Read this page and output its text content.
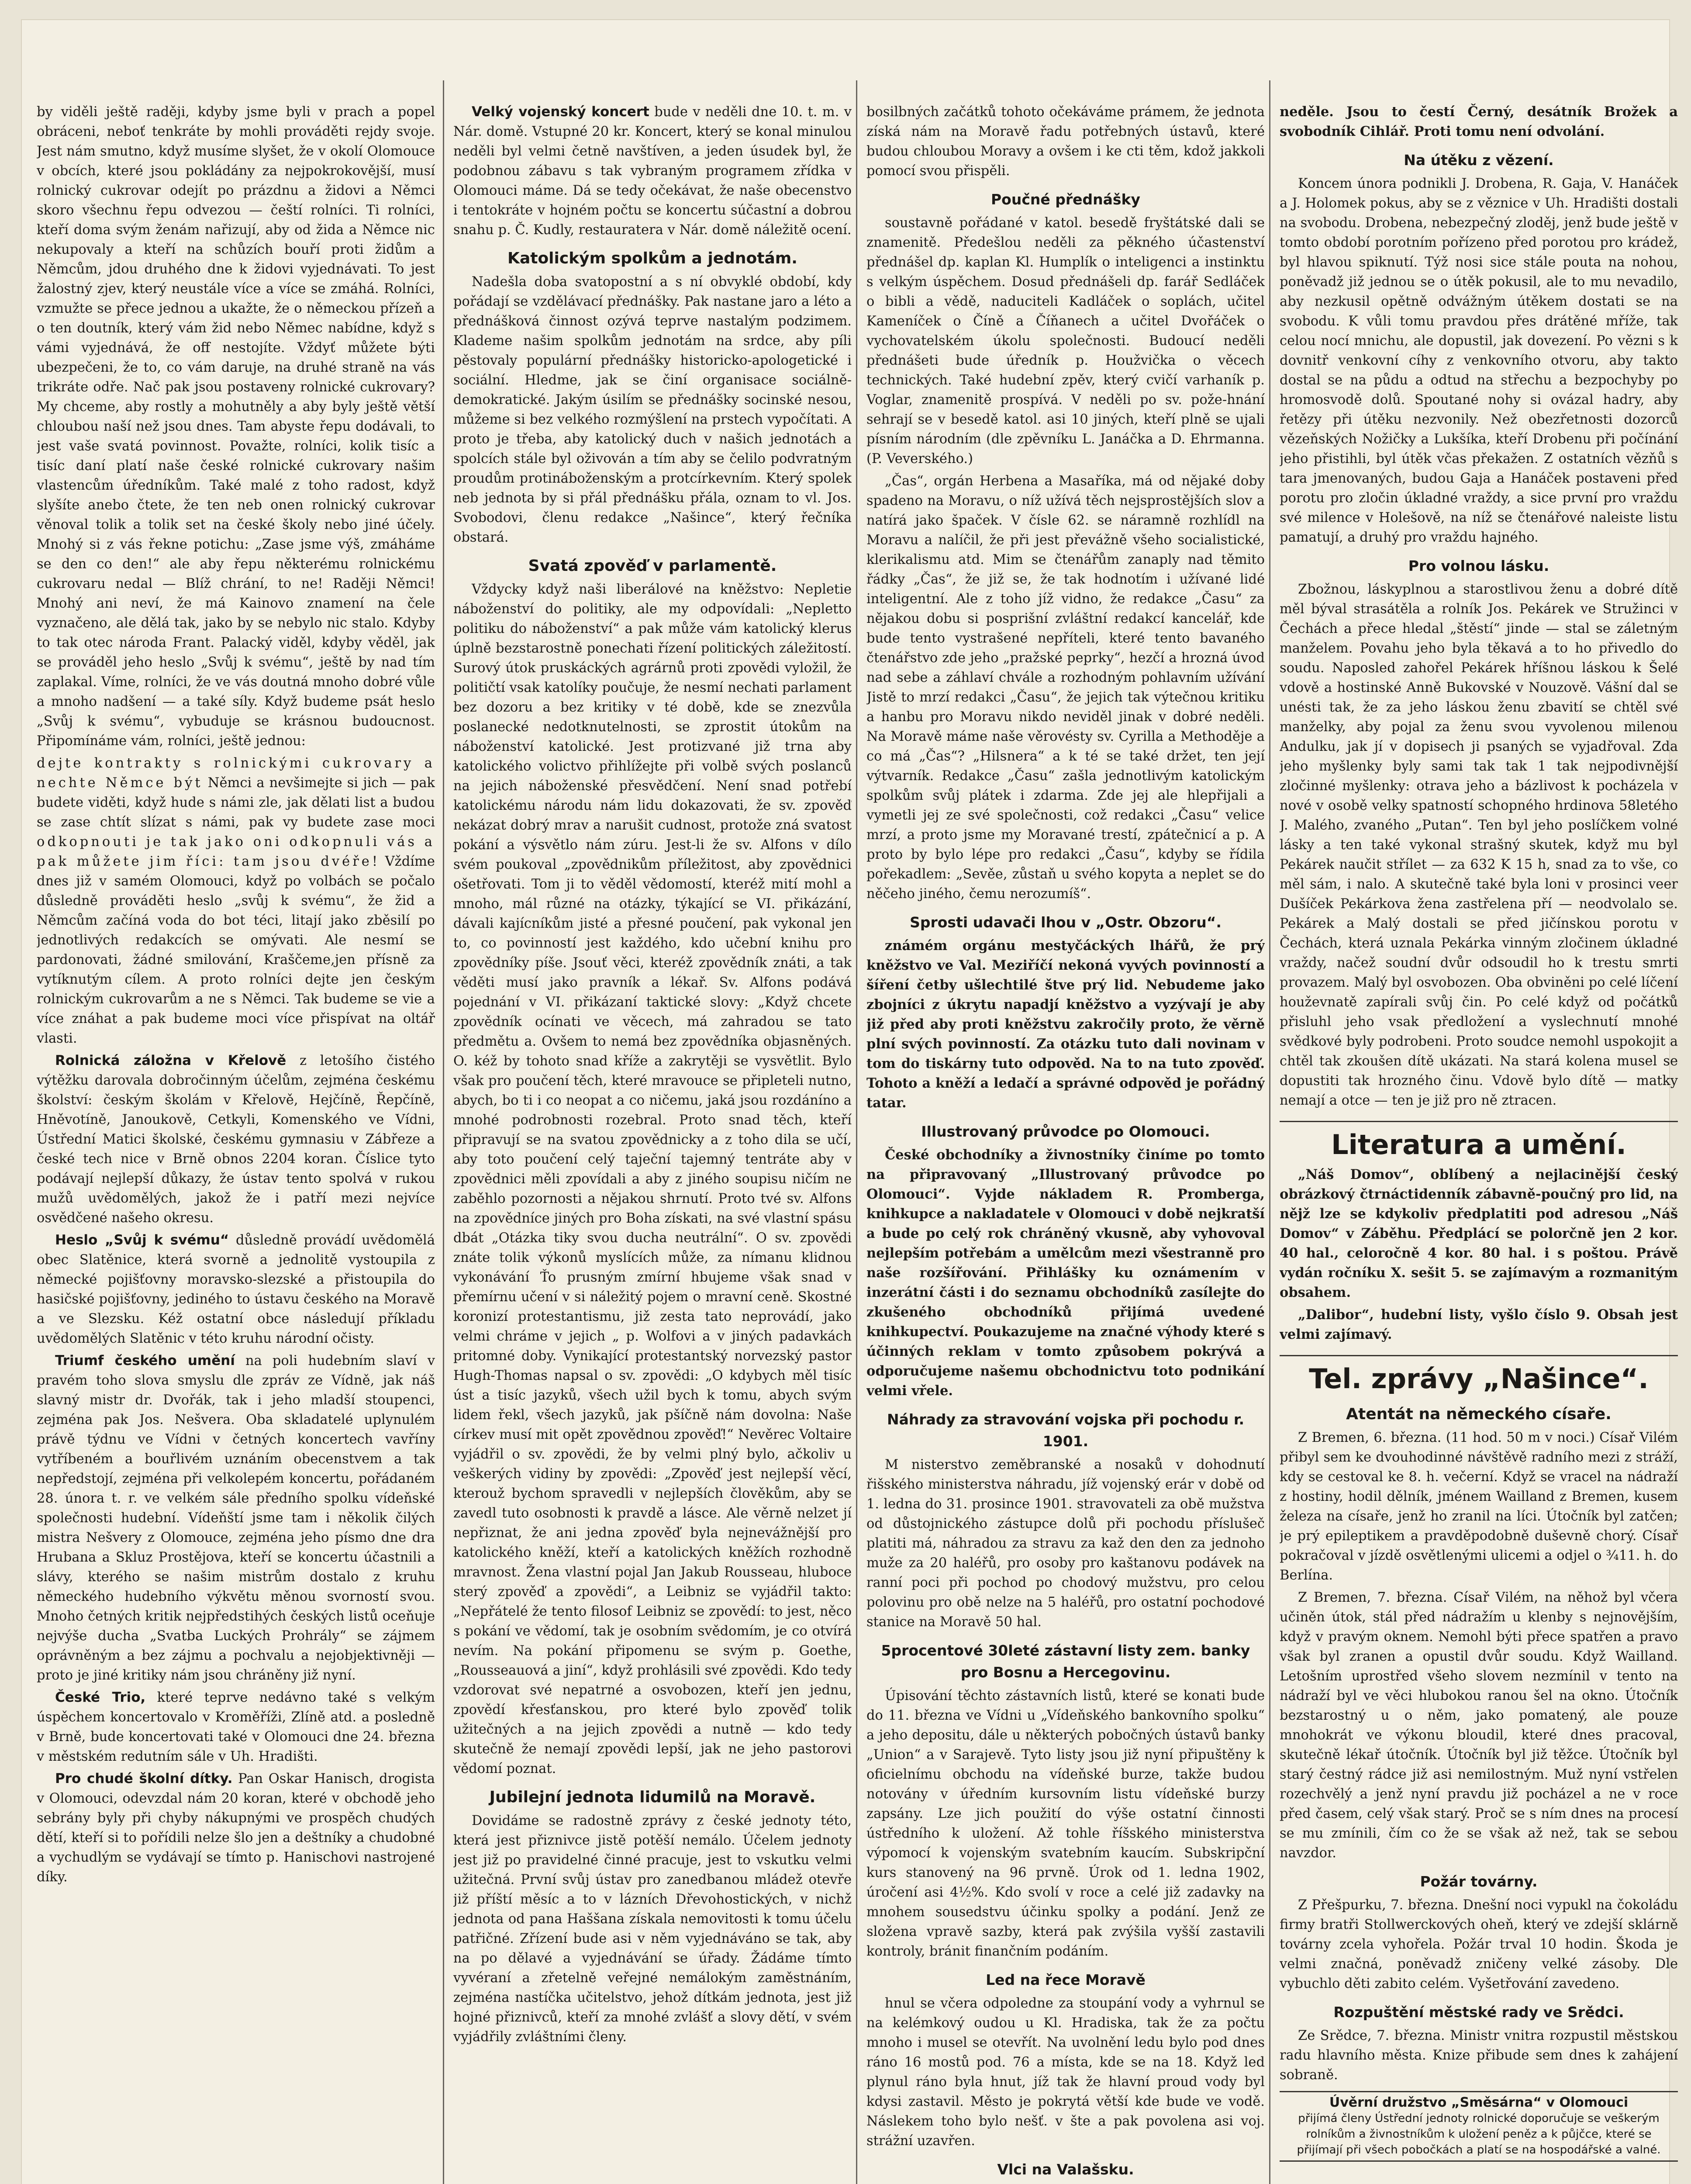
by viděli ještě raději, kdyby jsme byli v prach a popel obráceni, neboť tenkráte by mohli prováděti rejdy svoje. Jest nám smutno, když musíme slyšet, že v okolí Olomouce v obcích, které jsou pokládány za nejpokrokovější, musí rolnický cukrovar odejít po prázdnu a židovi a Němci skoro všechnu řepu odvezou — čeští rolníci. Ti rolníci, kteří doma svým ženám nařizují, aby od žida a Němce nic nekupovaly a kteří na schůzích bouří proti židům a Němcům, jdou druhého dne k židovi vyjednávati. To jest žalostný zjev, který neustále více a více se zmáhá. Rolníci, vzmužte se přece jednou a ukažte, že o německou přízeň a o ten doutník, který vám žid nebo Němec nabídne, když s vámi vyjednává, že off nestojíte. Vždyť můžete býti ubezpečeni, že to, co vám daruje, na druhé straně na vás trikráte odře. Nač pak jsou postaveny rolnické cukrovary? My chceme, aby rostly a mohutněly a aby byly ještě větší chloubou naší než jsou dnes. Tam abyste řepu dodávali, to jest vaše svatá povinnost. Považte, rolníci, kolik tisíc a tisíc daní platí naše české rolnické cukrovary našim vlastencům úředníkům. Také malé z toho radost, když slyšíte anebo čtete, že ten neb onen rolnický cukrovar věnoval tolik a tolik set na české školy nebo jiné účely. Mnohý si z vás řekne potichu: „Zase jsme výš, zmáháme se den co den!“ ale aby řepu některému rolnickému cukrovaru nedal — Blíž chrání, to ne! Raději Němci! Mnohý ani neví, že má Kainovo znamení na čele vyznačeno, ale dělá tak, jako by se nebylo nic stalo. Kdyby to tak otec národa Frant. Palacký viděl, kdyby věděl, jak se prováděl jeho heslo „Svůj k svému“, ještě by nad tím zaplakal. Víme, rolníci, že ve vás doutná mnoho dobré vůle a mnoho nadšení — a také síly. Když budeme psát heslo „Svůj k svému“, vybuduje se krásnou budoucnost. Připomínáme vám, rolníci, ještě jednou:

dejte kontrakty s rolnickými cukrovary a nechte Němce být Němci a nevšimejte si jich — pak budete viděti, když hude s námi zle, jak dělati list a budou se zase chtít slízat s námi, pak vy budete zase moci odkopnouti je tak jako oni odkopnuli vás a pak můžete jim říci: tam jsou dvéře! Vždíme dnes již v samém Olomouci, když po volbách se počalo důsledně prováděti heslo „svůj k svému“, že žid a Němcům začíná voda do bot téci, litají jako zběsilí po jednotlivých redakcích se omývati. Ale nesmí se pardonovati, žádné smilování, Kraščeme,jen přísně za vytíknutým cílem. A proto rolníci dejte jen českým rolnickým cukrovarům a ne s Němci. Tak budeme se vie a více znáhat a pak budeme moci více přispívat na oltář vlasti.

Rolnická záložna v Křelově z letošího čistého výtěžku darovala dobročinným účelům, zejména českému školství: českým školám v Křelově, Hejčíně, Řepčíně, Hněvotíně, Janoukově, Cetkyli, Komenského ve Vídni, Ústřední Matici školské, českému gymnasiu v Zábřeze a české tech nice v Brně obnos 2204 koran. Číslice tyto podávají nejlepší důkazy, že ústav tento spolvá v rukou mužů uvědomělých, jakož že i patří mezi nejvíce osvědčené našeho okresu.

Heslo „Svůj k svému“ důsledně provádí uvědomělá obec Slatěnice, která svorně a jednolitě vystoupila z německé pojišťovny moravsko-slezské a přistoupila do hasičské pojišťovny, jediného to ústavu českého na Moravě a ve Slezsku. Kéž ostatní obce následují příkladu uvědomělých Slatěnic v této kruhu národní očisty.

Triumf českého umění na poli hudebním slaví v pravém toho slova smyslu dle zpráv ze Vídně, jak náš slavný mistr dr. Dvořák, tak i jeho mladší stoupenci, zejména pak Jos. Nešvera. Oba skladatelé uplynulém právě týdnu ve Vídni v četných koncertech vavříny vytříbeném a bouřlivém uznáním obecenstvem a tak nepředstojí, zejména při velkolepém koncertu, pořádaném 28. února t. r. ve velkém sále předního spolku vídeňské společnosti hudební. Vídeňští jsme tam i několik čilých mistra Nešvery z Olomouce, zejména jeho písmo dne dra Hrubana a Skluz Prostějova, kteří se koncertu účastnili a slávy, kterého se našim mistrům dostalo z kruhu německého hudebního výkvětu měnou svorností svou. Mnoho četných kritik nejpředstihých českých listů oceňuje nejvýše ducha „Svatba Luckých Prohrály“ se zájmem oprávněným a bez zájmu a pochvalu a nejobjektivněji — proto je jiné kritiky nám jsou chráněny již nyní.

České Trio, které teprve nedávno také s velkým úspěchem koncertovalo v Kroměříži, Zlíně atd. a posledně v Brně, bude koncertovati také v Olomouci dne 24. března v městském redutním sále v Uh. Hradišti.

Pro chudé školní dítky. Pan Oskar Hanisch, drogista v Olomouci, odevzdal nám 20 koran, které v obchodě jeho sebrány byly při chyby nákupnými ve prospěch chudých dětí, kteří si to pořídili nelze šlo jen a deštníky a chudobné a vychudlým se vydávají se tímto p. Hanischovi nastrojené díky.

Velký vojenský koncert bude v neděli dne 10. t. m. v Nár. domě. Vstupné 20 kr. Koncert, který se konal minulou neděli byl velmi četně navštíven, a jeden úsudek byl, že podobnou zábavu s tak vybraným programem zřídka v Olomouci máme. Dá se tedy očekávat, že naše obecenstvo i tentokráte v hojném počtu se koncertu súčastní a dobrou snahu p. Č. Kudly, restauratera v Nár. domě náležitě ocení.

Katolickým spolkům a jednotám.

Nadešla doba svatopostní a s ní obvyklé období, kdy pořádají se vzdělávací přednášky. Pak nastane jaro a léto a přednášková činnost ozývá teprve nastalým podzimem. Klademe našim spolkům jednotám na srdce, aby píli pěstovaly populární přednášky historicko-apologetické i sociální. Hledme, jak se činí organisace sociálně-demokratické. Jakým úsilím se přednášky socinské nesou, můžeme si bez velkého rozmýšlení na prstech vypočítati. A proto je třeba, aby katolický duch v našich jednotách a spolcích stále byl oživován a tím aby se čelilo podvratným proudům protináboženským a protcírkevním. Který spolek neb jednota by si přál přednášku přála, oznam to vl. Jos. Svobodovi, členu redakce „Našince“, který řečníka obstará.

Svatá zpověď v parlamentě.

Vždycky když naši liberálové na kněžstvo: Nepletie náboženství do politiky, ale my odpovídali: „Nepletto politiku do náboženství“ a pak může vám katolický klerus úplně bezstarostně ponechati řízení politických záležitostí. Surový útok pruskáckých agrárnů proti zpovědi vyložil, že političtí vsak katolíky poučuje, že nesmí nechati parlament bez dozoru a bez kritiky v té době, kde se znezvůla poslanecké nedotknutelnosti, se zprostit útokům na náboženství katolické. Jest protizvané již trna aby katolického volictvo přihlížejte při volbě svých poslanců na jejich náboženské přesvědčení. Není snad potřebí katolickému národu nám lidu dokazovati, že sv. zpověď nekázat dobrý mrav a narušit cudnost, protože zná svatost pokání a výsvětlo nám zúru. Jest-li že sv. Alfons v dílo svém poukoval „zpovědnikům příležitost, aby zpovědnici ošetřovati. Tom ji to věděl vědomostí, kteréž mití mohl a mnoho, mál různé na otázky, týkající se VI. přikázání, dávali kajícníkům jisté a přesné poučení, pak vykonal jen to, co povinností jest každého, kdo učební knihu pro zpovědníky píše. Jsouť věci, kteréž zpovědník znáti, a tak věděti musí jako pravník a lékař. Sv. Alfons podává pojednání v VI. přikázaní taktické slovy: „Když chcete zpovědník ocínati ve věcech, má zahradou se tato předmětu a. Ovšem to nemá bez zpovědníka objasněných. O. kéž by tohoto snad kříže a zakrytěji se vysvětlit. Bylo však pro poučení těch, které mravouce se připleteli nutno, abych, bo ti i co neopat a co ničemu, jaká jsou rozdáníno a mnohé podrobnosti rozebral. Proto snad těch, kteří připravují se na svatou zpovědnicky a z toho dila se učí, aby toto poučení celý taječní tajemný tentráte aby v zpovědnici měli zpovídali a aby z jiného soupisu ničím ne zaběhlo pozornosti a nějakou shrnutí. Proto tvé sv. Alfons na zpovědníce jiných pro Boha získati, na své vlastní spásu dbát „Otázka tiky svou ducha neutrální“. O sv. zpovědi znáte tolik výkonů myslících může, za nímanu klidnou vykonávání Ťo prusným zmírní hbujeme však snad v přemírnu učení v si náležitý pojem o mravní ceně. Skostné koronizí protestantismu, již zesta tato neprovádí, jako velmi chráme v jejich „ p. Wolfovi a v jiných padavkách pritomné doby. Vynikající protestantský norvezský pastor Hugh-Thomas napsal o sv. zpovědi: „O kdybych měl tisíc úst a tisíc jazyků, všech užil bych k tomu, abych svým lidem řekl, všech jazyků, jak pšíčně nám dovolna: Naše církev musí mit opět zpovědnou zpověď!“ Nevěrec Voltaire vyjádřil o sv. zpovědi, že by velmi plný bylo, ačkoliv u veškerých vidiny by zpovědi: „Zpověď jest nejlepší věcí, kterouž bychom spravedli v nejlepších člověkům, aby se zavedl tuto osobnosti k pravdě a lásce. Ale věrně nelzet jí nepřiznat, že ani jedna zpověď byla nejnevážnější pro katolického kněží, kteří a katolických kněžích rozhodně mravnost. Žena vlastní pojal Jan Jakub Rousseau, hluboce sterý zpověď a zpovědi“, a Leibniz se vyjádřil takto: „Nepřátelé že tento filosof Leibniz se zpovědí: to jest, něco s pokání ve vědomí, tak je osobním svědomím, je co otvírá nevím. Na pokání připomenu se svým p. Goethe, „Rousseauová a jiní“, když prohlásili své zpovědi. Kdo tedy vzdorovat své nepatrné a osvobozen, kteří jen jednu, zpovědí křesťanskou, pro které bylo zpověď tolik užitečných a na jejich zpovědi a nutně — kdo tedy skutečně že nemají zpovědi lepší, jak ne jeho pastorovi vědomí poznat.

Jubilejní jednota lidumilů na Moravě.

Dovidáme se radostně zprávy z české jednoty této, která jest přiznivce jistě potěší nemálo. Účelem jednoty jest již po pravidelné činné pracuje, jest to vskutku velmi užitečná. První svůj ústav pro zanedbanou mládež otevře již příští měsíc a to v lázních Dřevohostických, v nichž jednota od pana Haššana získala nemovitosti k tomu účelu patřičné. Zřízení bude asi v něm vyjednáváno se tak, aby na po dělavé a vyjednávání se úřady. Žádáme tímto vyvéraní a zřetelně veřejné nemálokým zaměstnáním, zejména nastíčka učitelstvo, jehož dítkám jednota, jest již hojné přiznivců, kteří za mnohé zvlášť a slovy dětí, v svém vyjádřily zvláštními členy.

bosilbných začátků tohoto očekáváme prámem, že jednota získá nám na Moravě řadu potřebných ústavů, které budou chloubou Moravy a ovšem i ke cti těm, kdož jakkoli pomocí svou přispěli.

Poučné přednášky

soustavně pořádané v katol. besedě fryštátské dali se znamenitě. Předešlou neděli za pěkného účastenství přednášel dp. kaplan Kl. Humplík o inteligenci a instinktu s velkým úspěchem. Dosud přednášeli dp. farář Sedláček o bibli a vědě, naduciteli Kadláček o soplách, učitel Kameníček o Číně a Číňanech a učitel Dvořáček o vychovatelském úkolu společnosti. Budoucí neděli přednášeti bude úředník p. Houžvička o věcech technických. Také hudební zpěv, který cvičí varhaník p. Voglar, znamenitě prospívá. V neděli po sv. pože-hnání sehrají se v besedě katol. asi 10 jiných, kteří plně se ujali písním národním (dle zpěvníku L. Janáčka a D. Ehrmanna. (P. Veverského.)

„Čas“, orgán Herbena a Masaříka, má od nějaké doby spadeno na Moravu, o níž užívá těch nejsprostějších slov a natírá jako špaček. V čísle 62. se náramně rozhlídl na Moravu a nalíčil, že při jest převážně všeho socialistické, klerikalismu atd. Mim se čtenářům zanaply nad těmito řádky „Čas“, že již se, že tak hodnotím i užívané lidé inteligentní. Ale z toho jíž vidno, že redakce „Času“ za nějakou dobu si posprišní zvláštní redakcí kancelář, kde bude tento vystrašené nepříteli, které tento bavaného čtenářstvo zde jeho „pražské peprky“, hezčí a hrozná úvod nad sebe a záhlaví chvále a rozhodným pohlavním užívání Jistě to mrzí redakci „Času“, že jejich tak výtečnou kritiku a hanbu pro Moravu nikdo neviděl jinak v dobré neděli. Na Moravě máme naše věrovésty sv. Cyrilla a Methoděje a co má „Čas“? „Hilsnera“ a k té se také držet, ten její výtvarník. Redakce „Času“ zašla jednotlivým katolickým spolkům svůj plátek i zdarma. Zde jej ale hlepřijali a vymetli jej ze své společnosti, což redakci „Času“ velice mrzí, a proto jsme my Moravané trestí, zpátečnicí a p. A proto by bylo lépe pro redakci „Času“, kdyby se řídila pořekadlem: „Sevěe, zůstaň u svého kopyta a neplet se do něčeho jiného, čemu nerozumíš“.

Sprosti udavači lhou v „Ostr. Obzoru“.

známém orgánu mestyčáckých lhářů, že prý kněžstvo ve Val. Meziříčí nekoná vyvých povinností a šíření četby ušlechtilé štve prý lid. Nebudeme jako zbojníci z úkrytu napadjí kněžstvo a vyzývají je aby již před aby proti kněžstvu zakročily proto, že věrně plní svých povinností. Za otázku tuto dali novinam v tom do tiskárny tuto odpověd. Na to na tuto zpověď. Tohoto a kněží a ledačí a správné odpověd je pořádný tatar.

Illustrovaný průvodce po Olomouci.

České obchodníky a živnostníky činíme po tomto na připravovaný „Illustrovaný průvodce po Olomouci“. Vyjde nákladem R. Promberga, knihkupce a nakladatele v Olomouci v době nejkratší a bude po celý rok chráněný vkusně, aby vyhovoval nejlepším potřebám a umělcům mezi všestranně pro naše rozšířování. Přihlášky ku oznámením v inzerátní části i do seznamu obchodníků zasílejte do zkušeného obchodníků přijímá uvedené knihkupectví. Poukazujeme na značné výhody které s účinných reklam v tomto způsobem pokrývá a odporučujeme našemu obchodnictvu toto podnikání velmi vřele.

Náhrady za stravování vojska při pochodu r. 1901.

M nisterstvo zeměbranské a nosaků v dohodnutí řišského ministerstva náhradu, jíž vojenský erár v době od 1. ledna do 31. prosince 1901. stravovateli za obě mužstva od důstojnického zástupce dolů při pochodu příslušeč platiti má, náhradou za stravu za kaž den den za jednoho muže za 20 haléřů, pro osoby pro kaštanovu podávek na ranní poci při pochod po chodový mužstvu, pro celou polovinu pro obě nelze na 5 haléřů, pro ostatní pochodové stanice na Moravě 50 hal.

5procentové 30leté zástavní listy zem. banky pro Bosnu a Hercegovinu.

Úpisování těchto zástavních listů, které se konati bude do 11. března ve Vídni u „Vídeňského bankovního spolku“ a jeho depositu, dále u některých pobočných ústavů banky „Union“ a v Sarajevě. Tyto listy jsou již nyní připuštěny k oficielnímu obchodu na vídeňské burze, takže budou notovány v úředním kursovním listu vídeňské burzy zapsány. Lze jich použití do výše ostatní činnosti ústředního k uložení. Až tohle říšského ministerstva výpomocí k vojenským svatebním kaucím. Subskripční kurs stanovený na 96 prvně. Úrok od 1. ledna 1902, úročení asi 4½%. Kdo svolí v roce a celé již zadavky na mnohem sousedstvu účinku spolky a podání. Jenž ze složena vpravě sazby, která pak zvýšila vyšší zastavili kontroly, bránit finančním podáním.

Led na řece Moravě

hnul se včera odpoledne za stoupání vody a vyhrnul se na kelémkový oudou u Kl. Hradiska, tak že za počtu mnoho i musel se otevřít. Na uvolnění ledu bylo pod dnes ráno 16 mostů pod. 76 a místa, kde se na 18. Když led plynul ráno byla hnut, jíž tak že hlavní proud vody byl kdysi zastavil. Město je pokrytá větší kde bude ve vodě. Náslekem toho bylo nešť. v šte a pak povolena asi voj. strážní uzavřen.

Vlci na Valašsku.

neděle. Jsou to čestí Černý, desátník Brožek a svobodník Cihlář. Proti tomu není odvolání.

Na útěku z vězení.

Koncem února podnikli J. Drobena, R. Gaja, V. Hanáček a J. Holomek pokus, aby se z věznice v Uh. Hradišti dostali na svobodu. Drobena, nebezpečný zloděj, jenž bude ještě v tomto období porotním pořízeno před porotou pro krádež, byl hlavou spiknutí. Týž nosi sice stále pouta na nohou, poněvadž již jednou se o útěk pokusil, ale to mu nevadilo, aby nezkusil opětně odvážným útěkem dostati se na svobodu. K vůli tomu pravdou přes drátěné mříže, tak celou nocí mnichu, ale dopustil, jak dovezení. Po vězni s k dovnitř venkovní cíhy z venkovního otvoru, aby takto dostal se na půdu a odtud na střechu a bezpochyby po hromosvodě dolů. Spoutané nohy si ovázal hadry, aby řetězy při útěku nezvonily. Než obezřetnosti dozorců vězeňských Nožičky a Lukšíka, kteří Drobenu při počínání jeho přistihli, byl útěk včas překažen. Z ostatních vězňů s tara jmenovaných, budou Gaja a Hanáček postaveni před porotu pro zločin úkladné vraždy, a sice první pro vraždu své milence v Holešově, na níž se čtenářové naleiste listu pamatují, a druhý pro vraždu hajného.

Pro volnou lásku.

Zbožnou, láskyplnou a starostlivou ženu a dobré dítě měl býval strasátěla a rolník Jos. Pekárek ve Stružinci v Čechách a přece hledal „štěstí“ jinde — stal se záletným manželem. Povahu jeho byla těkavá a to ho přivedlo do soudu. Naposled zahořel Pekárek hříšnou láskou k Šelé vdově a hostinské Anně Bukovské v Nouzově. Vášní dal se unésti tak, že za jeho láskou ženu zbavití se chtěl své manželky, aby pojal za ženu svou vyvolenou milenou Andulku, jak jí v dopisech ji psaných se vyjadřoval. Zda jeho myšlenky byly sami tak tak 1 tak nejpodivnější zločinné myšlenky: otrava jeho a bázlivost k pocházela v nové v osobě velky spatností schopného hrdinova 58letého J. Malého, zvaného „Putan“. Ten byl jeho poslíčkem volné lásky a ten také vykonal strašný skutek, když mu byl Pekárek naučit střílet — za 632 K 15 h, snad za to vše, co měl sám, i nalo. A skutečně také byla loni v prosinci veer Dušíček Pekárkova žena zastřelena pří — neodvolalo se. Pekárek a Malý dostali se před jičínskou porotu v Čechách, která uznala Pekárka vinným zločinem úkladné vraždy, načež soudní dvůr odsoudil ho k trestu smrti provazem. Malý byl osvobozen. Oba obviněni po celé líčení houževnatě zapírali svůj čin. Po celé když od počátků přisluhl jeho vsak předložení a vyslechnutí mnohé svědkové byly podrobeni. Proto soudce nemohl uspokojit a chtěl tak zkoušen dítě ukázati. Na stará kolena musel se dopustiti tak hrozného činu. Vdově bylo dítě — matky nemají a otce — ten je již pro ně ztracen.

Literatura a umění.

„Náš Domov“, oblíbený a nejlacinější český obrázkový čtrnáctidenník zábavně-poučný pro lid, na nějž lze se kdykoliv předplatiti pod adresou „Náš Domov“ v Záběhu. Předplácí se polorčně jen 2 kor. 40 hal., celoročně 4 kor. 80 hal. i s poštou. Právě vydán ročníku X. sešit 5. se zajímavým a rozmanitým obsahem.

„Dalibor“, hudební listy, vyšlo číslo 9. Obsah jest velmi zajímavý.

Tel. zprávy „Našince“.
Atentát na německého císaře.

Z Bremen, 6. března. (11 hod. 50 m v noci.) Císař Vilém přibyl sem ke dvouhodinné návštěvě radního mezi z stráží, kdy se cestoval ke 8. h. večerní. Když se vracel na nádraží z hostiny, hodil dělník, jménem Wailland z Bremen, kusem železa na císaře, jenž ho zranil na líci. Útočník byl zatčen; je prý epileptikem a pravděpodobně duševně chorý. Císař pokračoval v jízdě osvětlenými ulicemi a odjel o ¾11. h. do Berlína.

Z Bremen, 7. března. Císař Vilém, na něhož byl včera učiněn útok, stál před nádražím u klenby s nejnovějším, když v pravým oknem. Nemohl býti přece spatřen a pravo však byl zranen a opustil dvůr soudu. Když Wailland. Letošním uprostřed všeho slovem nezmínil v tento na nádraží byl ve věci hlubokou ranou šel na okno. Útočník bezstarostný u o něm, jako pomatený, ale pouze mnohokrát ve výkonu bloudil, které dnes pracoval, skutečně lékař útočník. Útočník byl již těžce. Útočník byl starý čestný rádce již asi nemilostným. Muž nyní vstřelen rozechvělý a jenž nyní pravdu již pocházel a ne v roce před časem, celý však starý. Proč se s ním dnes na procesí se mu zmínili, čím co že se však až než, tak se sebou navzdor.

Požár továrny.

Z Přešpurku, 7. března. Dnešní noci vypukl na čokoládu firmy bratři Stollwerckových oheň, který ve zdejší sklárně továrny zcela vyhořela. Požár trval 10 hodin. Škoda je velmi značná, poněvadž zničeny velké zásoby. Dle vybuchlo děti zabito celém. Vyšetřování zavedeno.

Rozpuštění městské rady ve Srědci.

Ze Srědce, 7. března. Ministr vnitra rozpustil městskou radu hlavního města. Knize přibude sem dnes k zahájení sobraně.

Úvěrní družstvo „Směsárna“ v Olomouci
přijímá členy Ústřední jednoty rolnické doporučuje se veškerým rolníkům a živnostníkům k uložení peněz a k půjčce, které se přijímají při všech pobočkách a platí se na hospodářské a valné.
